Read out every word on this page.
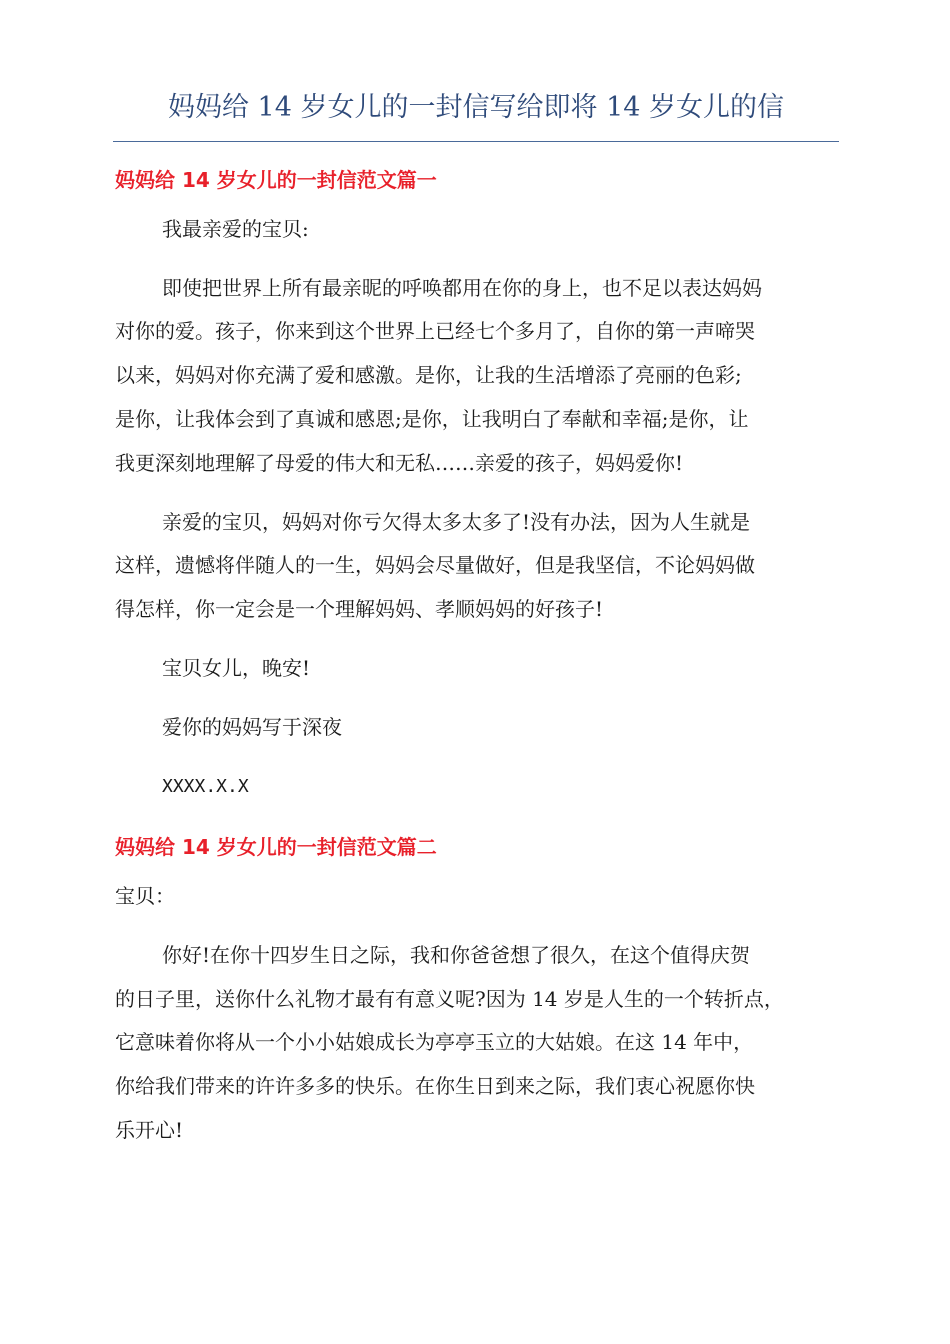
妈妈给 14 岁女儿的一封信写给即将 14 岁女儿的信
妈妈给 14 岁女儿的一封信范文篇一
我最亲爱的宝贝:
即使把世界上所有最亲昵的呼唤都用在你的身上，也不足以表达妈妈
对你的爱。孩子，你来到这个世界上已经七个多月了，自你的第一声啼哭
以来，妈妈对你充满了爱和感激。是你，让我的生活增添了亮丽的色彩;
是你，让我体会到了真诚和感恩;是你，让我明白了奉献和幸福;是你，让
我更深刻地理解了母爱的伟大和无私……亲爱的孩子，妈妈爱你!
亲爱的宝贝，妈妈对你亏欠得太多太多了!没有办法，因为人生就是
这样，遗憾将伴随人的一生，妈妈会尽量做好，但是我坚信，不论妈妈做
得怎样，你一定会是一个理解妈妈、孝顺妈妈的好孩子!
宝贝女儿，晚安!
爱你的妈妈写于深夜
XXXX.X.X
妈妈给 14 岁女儿的一封信范文篇二
宝贝：
你好!在你十四岁生日之际，我和你爸爸想了很久，在这个值得庆贺
的日子里，送你什么礼物才最有有意义呢?因为 14 岁是人生的一个转折点，
它意味着你将从一个小小姑娘成长为亭亭玉立的大姑娘。在这 14 年中，
你给我们带来的许许多多的快乐。在你生日到来之际，我们衷心祝愿你快
乐开心!
